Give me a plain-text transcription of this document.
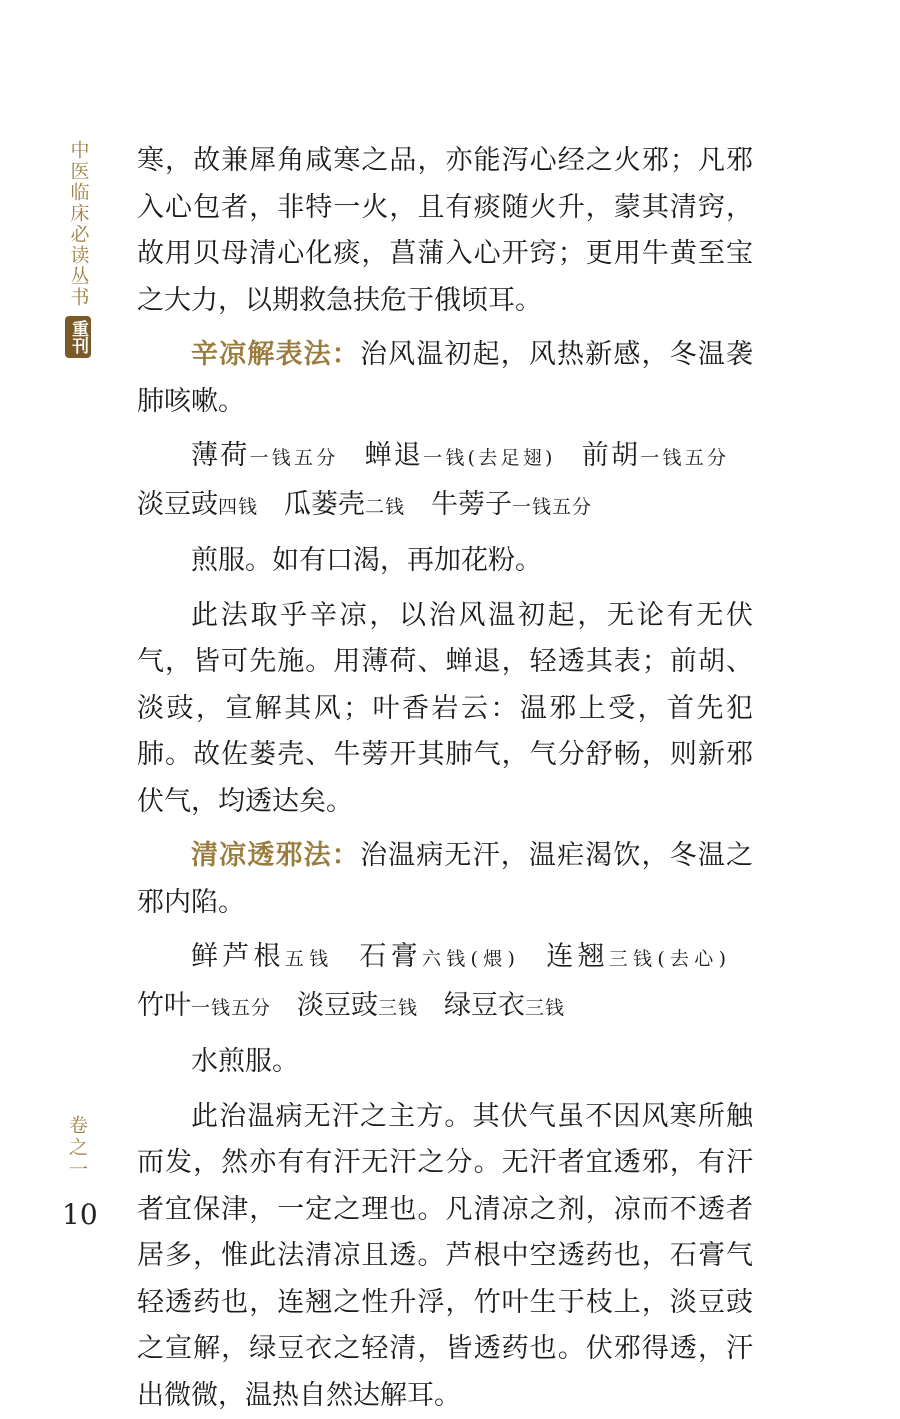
中医临床必读丛书
重刊
卷之一
10

寒，故兼犀角咸寒之品，亦能泻心经之火邪；凡邪入心包者，非特一火，且有痰随火升，蒙其清窍，故用贝母清心化痰，菖蒲入心开窍；更用牛黄至宝之大力，以期救急扶危于俄顷耳。

辛凉解表法：治风温初起，风热新感，冬温袭肺咳嗽。

薄荷一钱五分 蝉退一钱(去足翅) 前胡一钱五分淡豆豉四钱 瓜蒌壳二钱 牛蒡子一钱五分

煎服。如有口渴，再加花粉。

此法取乎辛凉，以治风温初起，无论有无伏气，皆可先施。用薄荷、蝉退，轻透其表；前胡、淡豉，宣解其风；叶香岩云：温邪上受，首先犯肺。故佐蒌壳、牛蒡开其肺气，气分舒畅，则新邪伏气，均透达矣。

清凉透邪法：治温病无汗，温疟渴饮，冬温之邪内陷。

鲜芦根五钱 石膏六钱(煨) 连翘三钱(去心)竹叶一钱五分 淡豆豉三钱 绿豆衣三钱

水煎服。

此治温病无汗之主方。其伏气虽不因风寒所触而发，然亦有有汗无汗之分。无汗者宜透邪，有汗者宜保津，一定之理也。凡清凉之剂，凉而不透者居多，惟此法清凉且透。芦根中空透药也，石膏气轻透药也，连翘之性升浮，竹叶生于枝上，淡豆豉之宣解，绿豆衣之轻清，皆透药也。伏邪得透，汗出微微，温热自然达解耳。
